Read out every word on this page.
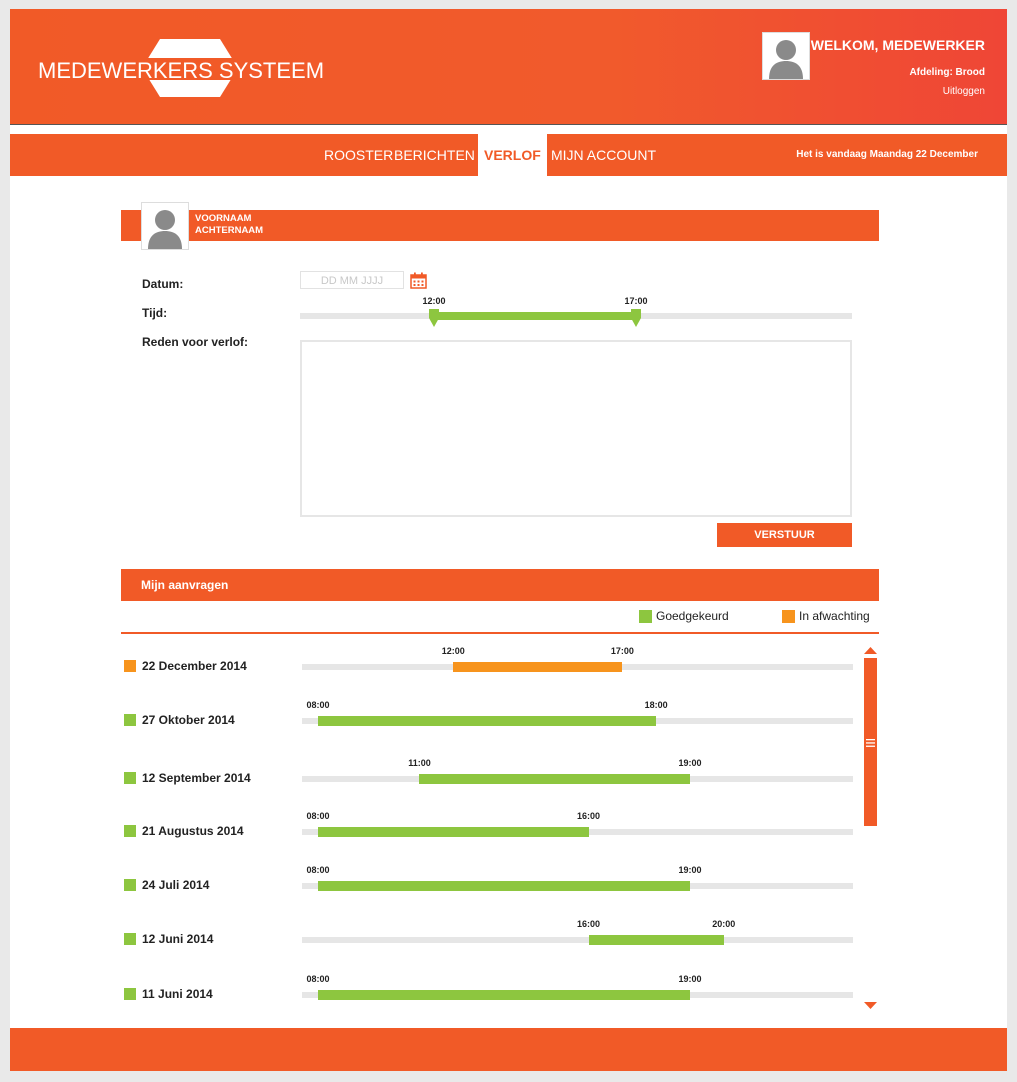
MEDEWERKERS SYSTEEM
WELKOM, MEDEWERKER
Afdeling: Brood
Uitloggen
ROOSTER BERICHTEN VERLOF MIJN ACCOUNT	Het is vandaag Maandag 22 December
VOORNAAM
ACHTERNAAM
Datum:	DD MM JJJJ
Tijd:
12:00	17:00
Reden voor verlof:
VERSTUUR
Mijn aanvragen
Goedgekeurd	In afwachting
22 December 2014
12:00	17:00
27 Oktober 2014
08:00	18:00
12 September 2014
11:00	19:00
21 Augustus 2014
08:00	16:00
24 Juli 2014
08:00	19:00
12 Juni 2014
16:00	20:00
11 Juni 2014
08:00	19:00
